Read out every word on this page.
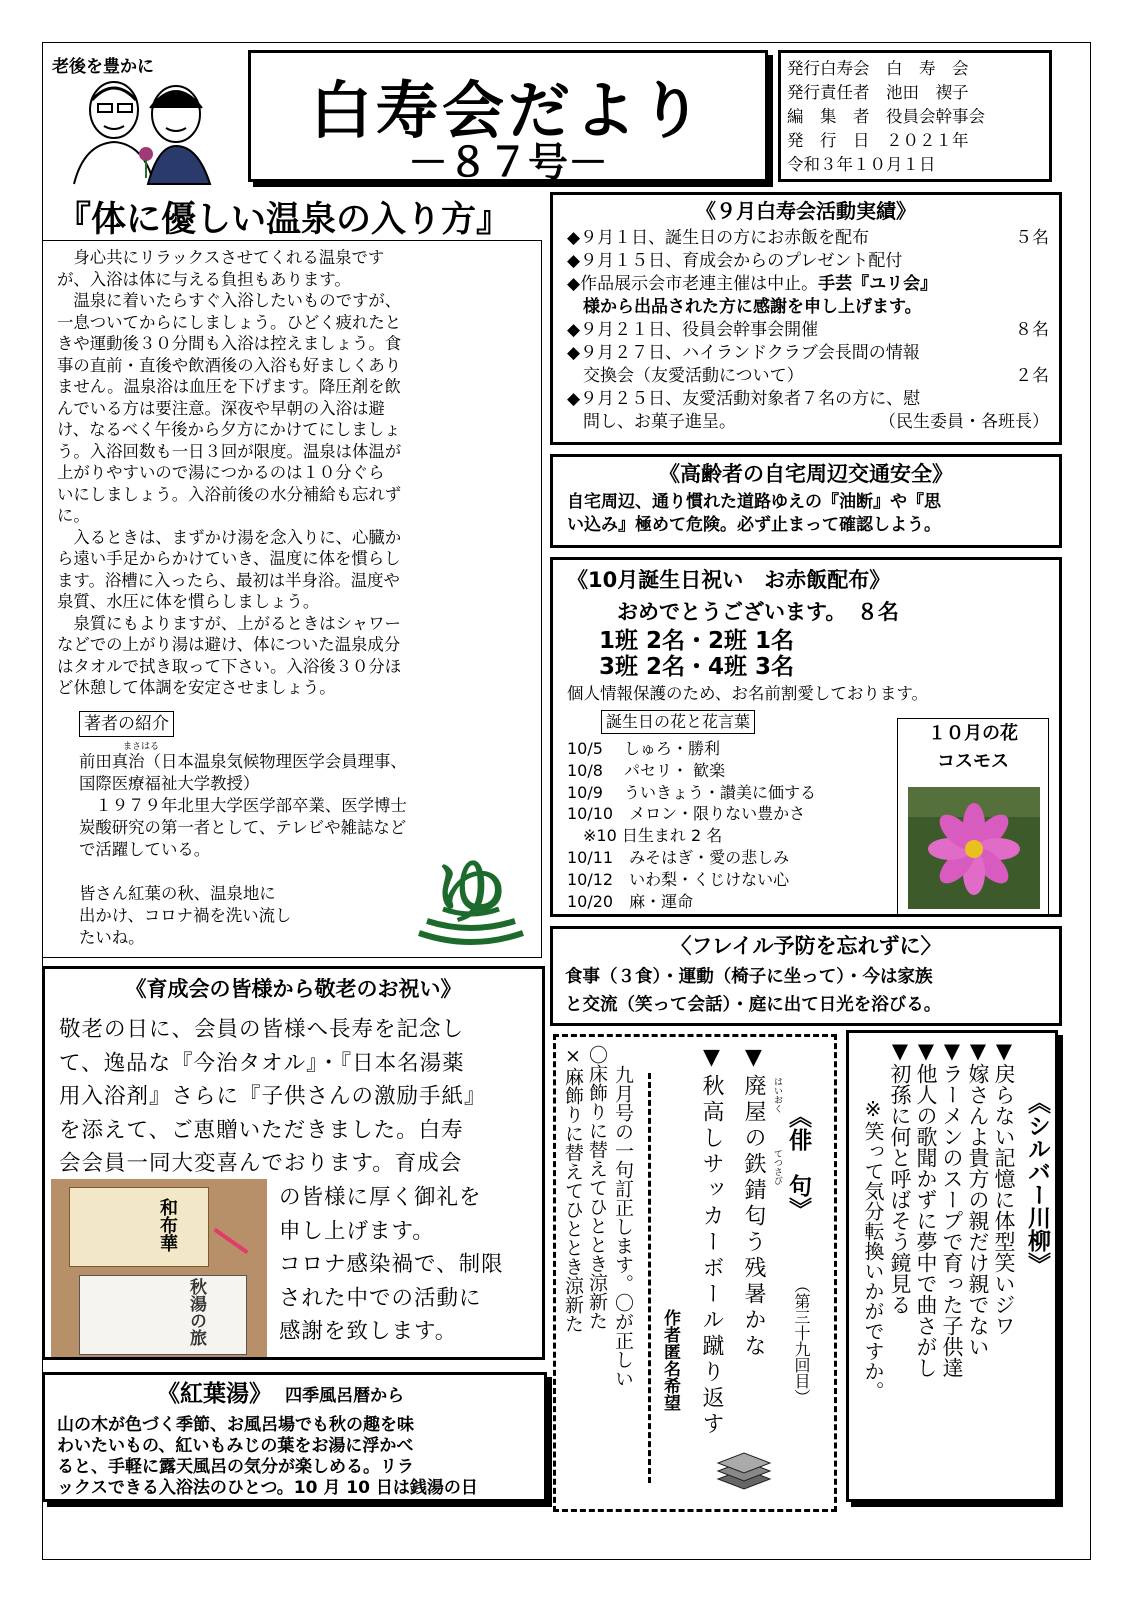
老後を豊かに
白寿会だより
－８７号－
発行白寿会　白　寿　会
発行責任者　池田　禊子
編　集　者　役員会幹事会
発　行　日　２０２１年
令和３年１０月１日
『体に優しい温泉の入り方』
　身心共にリラックスさせてくれる温泉です
が、入浴は体に与える負担もあります。
　温泉に着いたらすぐ入浴したいものですが、
一息ついてからにしましょう。ひどく疲れたと
きや運動後３０分間も入浴は控えましょう。食
事の直前・直後や飲酒後の入浴も好ましくあり
ません。温泉浴は血圧を下げます。降圧剤を飲
んでいる方は要注意。深夜や早朝の入浴は避
け、なるべく午後から夕方にかけてにしましょ
う。入浴回数も一日３回が限度。温泉は体温が
上がりやすいので湯につかるのは１０分ぐら
いにしましょう。入浴前後の水分補給も忘れず
に。
　入るときは、まずかけ湯を念入りに、心臓か
ら遠い手足からかけていき、温度に体を慣らし
ます。浴槽に入ったら、最初は半身浴。温度や
泉質、水圧に体を慣らしましょう。
　泉質にもよりますが、上がるときはシャワー
などでの上がり湯は避け、体についた温泉成分
はタオルで拭き取って下さい。入浴後３０分ほ
ど休憩して体調を安定させましょう。
著者の紹介
まさはる
前田真治（日本温泉気候物理医学会員理事、
国際医療福祉大学教授）
　１９７９年北里大学医学部卒業、医学博士
炭酸研究の第一者として、テレビや雑誌など
で活躍している。
皆さん紅葉の秋、温泉地に
出かけ、コロナ禍を洗い流し
たいね。
ゆ
《９月白寿会活動実績》
◆９月１日、誕生日の方にお赤飯を配布	５名
◆９月１５日、育成会からのプレゼント配付
◆作品展示会市老連主催は中止。手芸『ユリ会』
様から出品された方に感謝を申し上げます。
◆９月２１日、役員会幹事会開催	８名
◆９月２７日、ハイランドクラブ会長間の情報
交換会（友愛活動について）	２名
◆９月２５日、友愛活動対象者７名の方に、慰
問し、お菓子進呈。	（民生委員・各班長）
《高齢者の自宅周辺交通安全》
自宅周辺、通り慣れた道路ゆえの『油断』や『思
い込み』極めて危険。必ず止まって確認しよう。
《10月誕生日祝い　お赤飯配布》
おめでとうございます。　８名
1班 2名・2班 1名
3班 2名・4班 3名
個人情報保護のため、お名前割愛しております。
誕生日の花と花言葉
10/5　 しゅろ・勝利
10/8　 パセリ・ 歓楽
10/9　 ういきょう・讃美に価する
10/10　メロン・限りない豊かさ
　※10 日生まれ 2 名
10/11　みそはぎ・愛の悲しみ
10/12　いわ梨・くじけない心
10/20　麻・運命
１０月の花
コスモス
〈フレイル予防を忘れずに〉
食事（３食）・運動（椅子に坐って）・今は家族
と交流（笑って会話）・庭に出て日光を浴びる。
《育成会の皆様から敬老のお祝い》
敬老の日に、会員の皆様へ長寿を記念し
て、逸品な『今治タオル』・『日本名湯薬
用入浴剤』さらに『子供さんの激励手紙』
を添えて、ご恵贈いただきました。白寿
会会員一同大変喜んでおります。育成会
の皆様に厚く御礼を
申し上げます。
コロナ感染禍で、制限
された中での活動に
感謝を致します。
和布華
秋湯の旅
《紅葉湯》 四季風呂暦から
山の木が色づく季節、お風呂場でも秋の趣を味
わいたいもの、紅いもみじの葉をお湯に浮かべ
ると、手軽に露天風呂の気分が楽しめる。リラ
ックスできる入浴法のひとつ。10 月 10 日は銭湯の日
《俳　句》
（第三十九回目）
はいおく
てつさび
▼廃屋の鉄錆匂う残暑かな
▼秋高しサッカーボール蹴り返す
作者匿名希望
九月号の一句訂正します。〇が正しい
〇床飾りに替えてひととき涼新た
×麻飾りに替えてひととき涼新た	《シルバー川柳》
▼戻らない記憶に体型笑いジワ
▼嫁さんよ貴方の親だけ親でない
▼ラーメンのスープで育った子供達
▼他人の歌聞かずに夢中で曲さがし
▼初孫に何と呼ばそう鏡見る
※笑って気分転換いかがですか。
